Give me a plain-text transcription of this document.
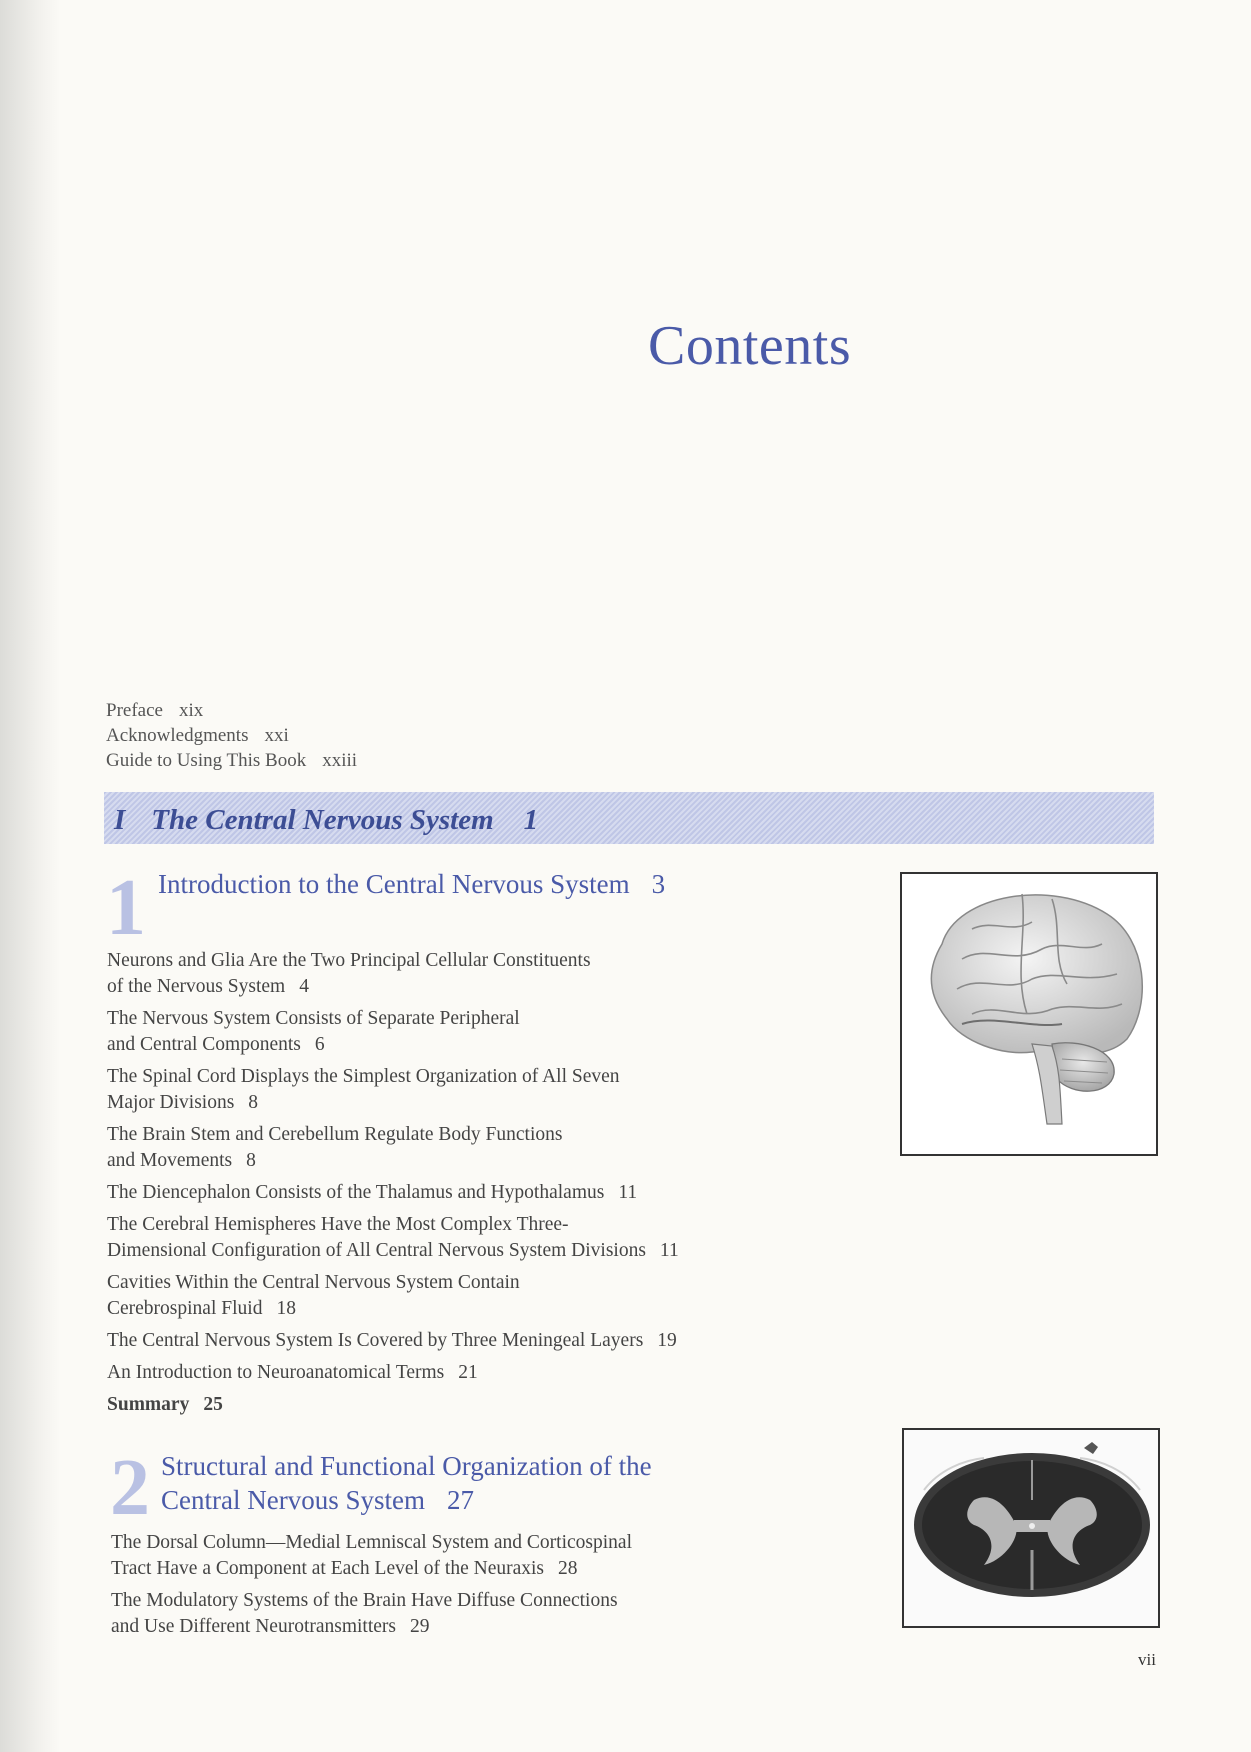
Contents
Preface xix
Acknowledgments xxi
Guide to Using This Book xxiii
I The Central Nervous System 1
1 Introduction to the Central Nervous System 3
Neurons and Glia Are the Two Principal Cellular Constituents
of the Nervous System 4
The Nervous System Consists of Separate Peripheral
and Central Components 6
The Spinal Cord Displays the Simplest Organization of All Seven
Major Divisions 8
The Brain Stem and Cerebellum Regulate Body Functions
and Movements 8
The Diencephalon Consists of the Thalamus and Hypothalamus 11
The Cerebral Hemispheres Have the Most Complex Three-
Dimensional Configuration of All Central Nervous System Divisions 11
Cavities Within the Central Nervous System Contain
Cerebrospinal Fluid 18
The Central Nervous System Is Covered by Three Meningeal Layers 19
An Introduction to Neuroanatomical Terms 21
Summary 25
2 Structural and Functional Organization of the
Central Nervous System 27
The Dorsal Column—Medial Lemniscal System and Corticospinal
Tract Have a Component at Each Level of the Neuraxis 28
The Modulatory Systems of the Brain Have Diffuse Connections
and Use Different Neurotransmitters 29
vii
